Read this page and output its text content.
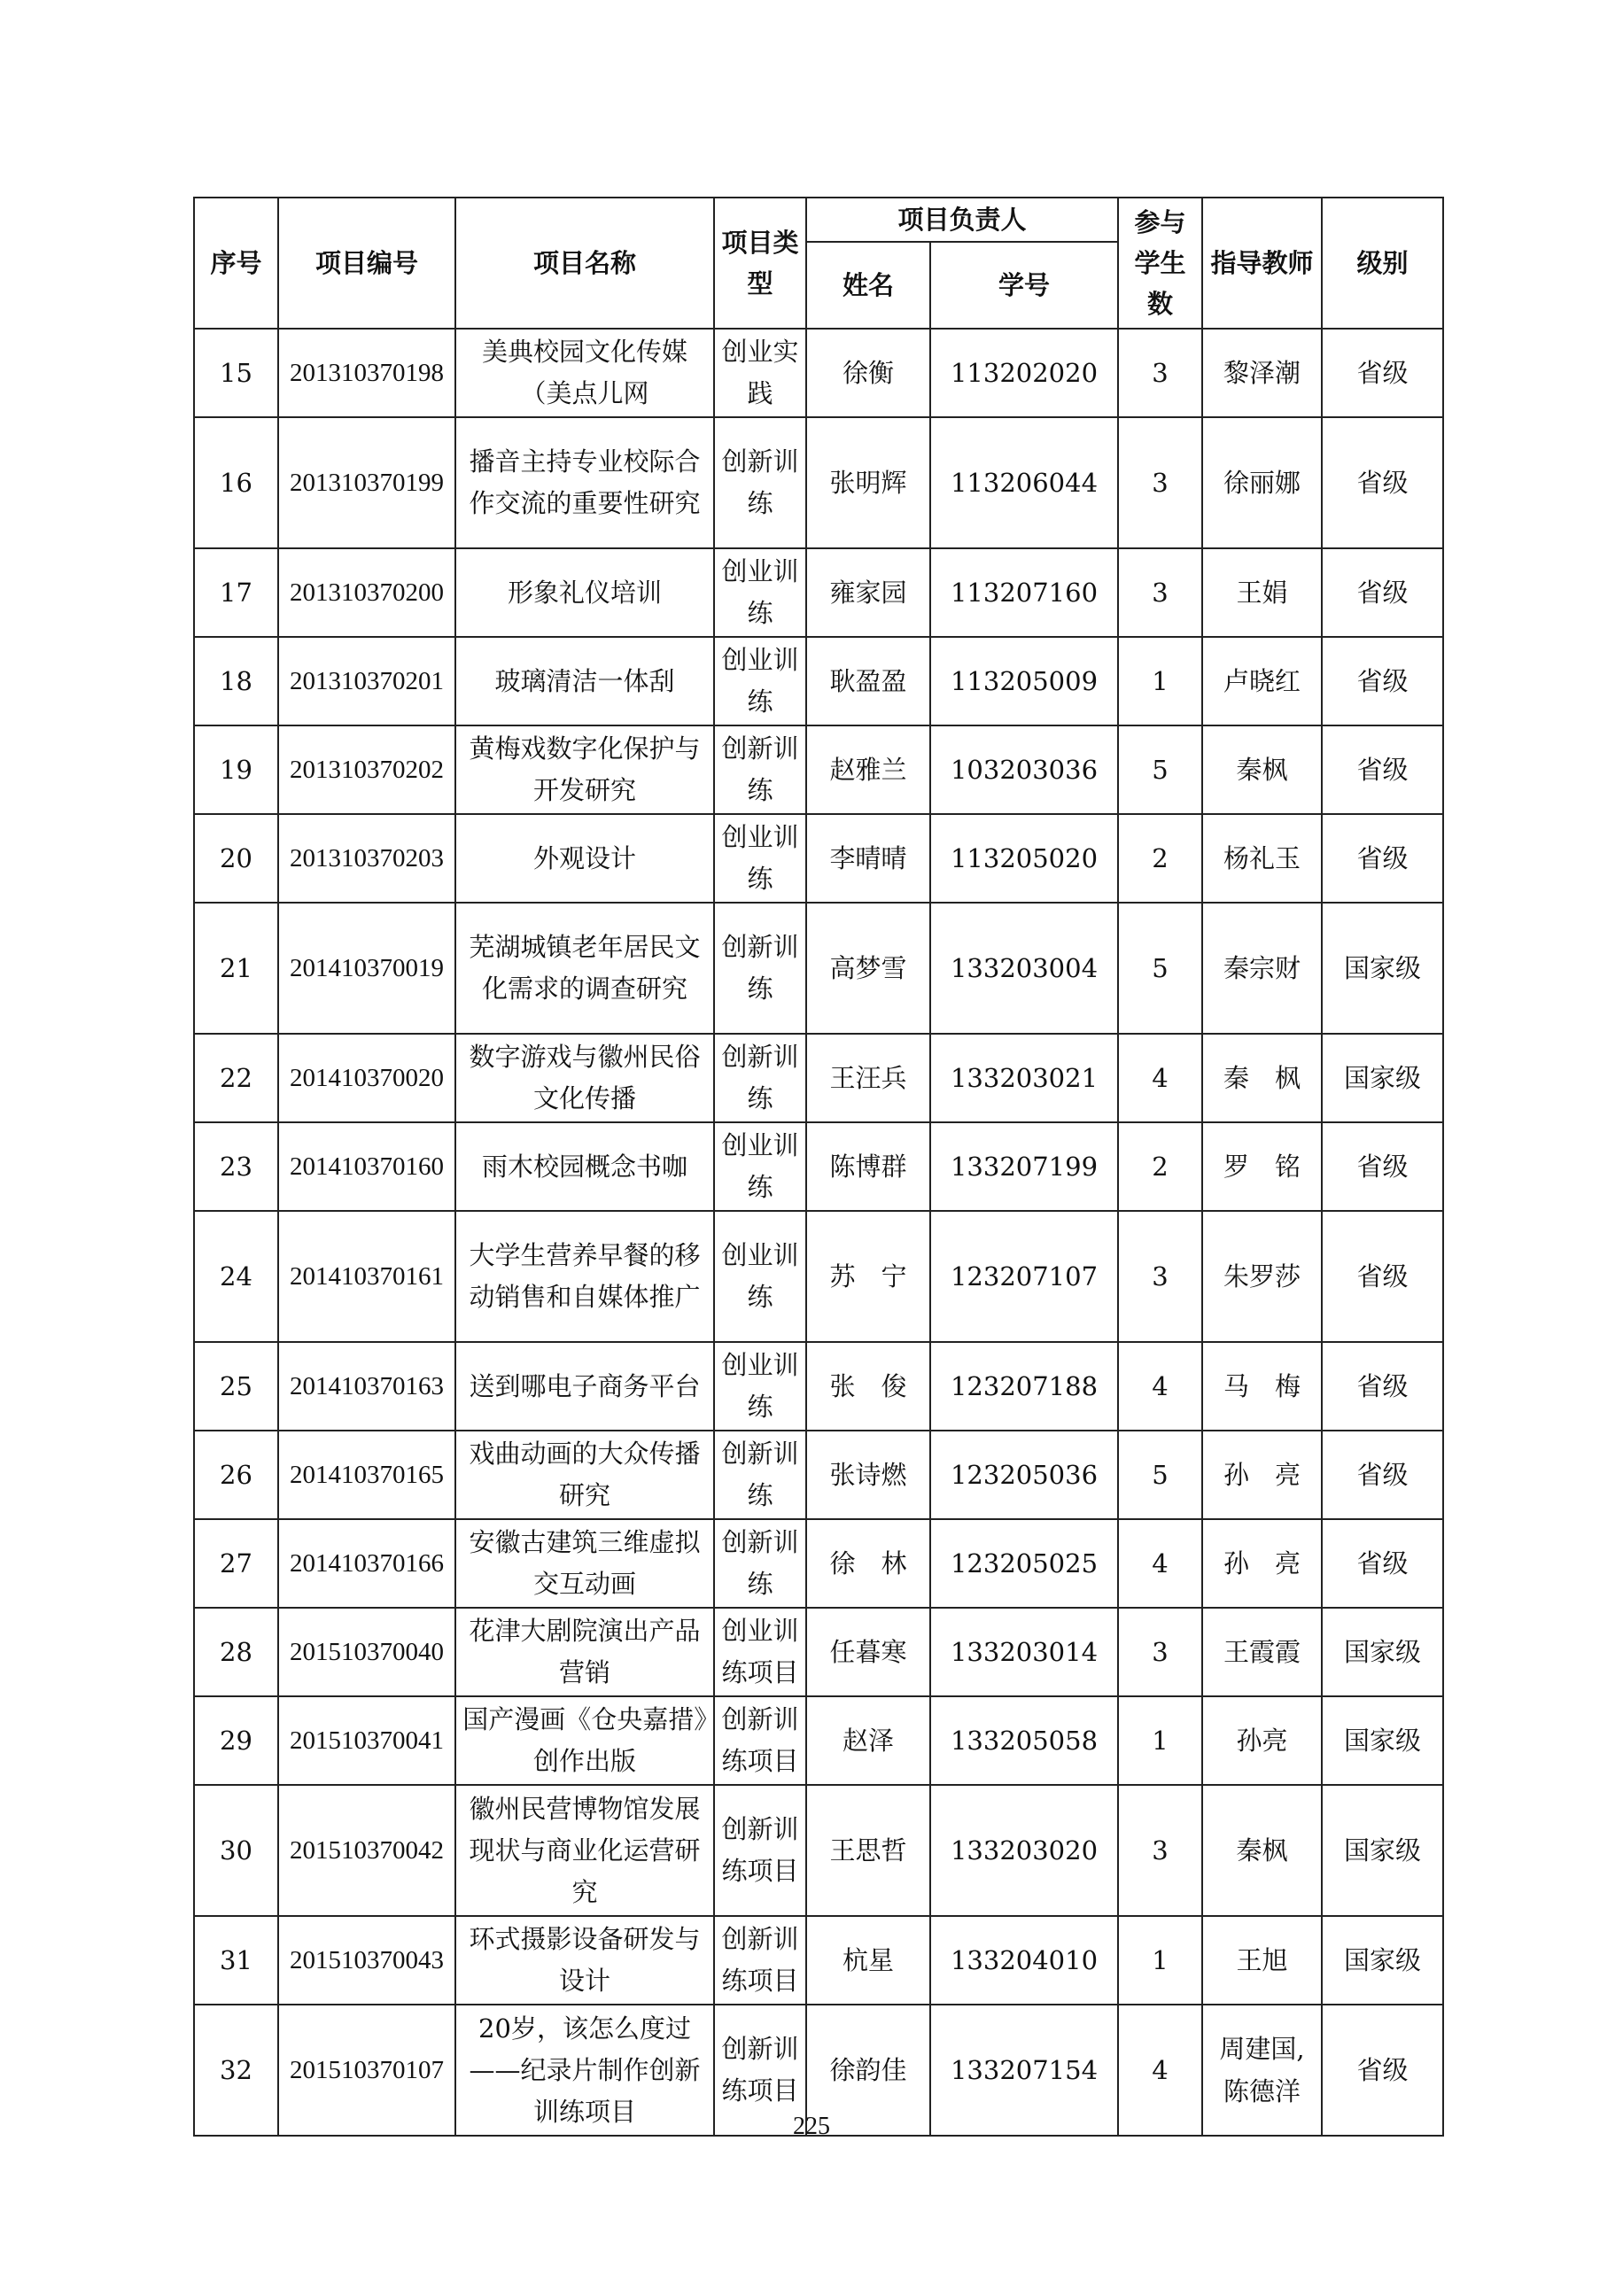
序号	项目编号	项目名称	项目类型	项目负责人		参与学生数	指导教师	级别
				姓名	学号			
15	201310370198	美典校园文化传媒（美点儿网	创业实践	徐衡	113202020	3	黎泽潮	省级
16	201310370199	播音主持专业校际合作交流的重要性研究	创新训练	张明辉	113206044	3	徐丽娜	省级
17	201310370200	形象礼仪培训	创业训练	雍家园	113207160	3	王娟	省级
18	201310370201	玻璃清洁一体刮	创业训练	耿盈盈	113205009	1	卢晓红	省级
19	201310370202	黄梅戏数字化保护与开发研究	创新训练	赵雅兰	103203036	5	秦枫	省级
20	201310370203	外观设计	创业训练	李晴晴	113205020	2	杨礼玉	省级
21	201410370019	芜湖城镇老年居民文化需求的调查研究	创新训练	高梦雪	133203004	5	秦宗财	国家级
22	201410370020	数字游戏与徽州民俗文化传播	创新训练	王汪兵	133203021	4	秦　枫	国家级
23	201410370160	雨木校园概念书咖	创业训练	陈博群	133207199	2	罗　铭	省级
24	201410370161	大学生营养早餐的移动销售和自媒体推广	创业训练	苏　宁	123207107	3	朱罗莎	省级
25	201410370163	送到哪电子商务平台	创业训练	张　俊	123207188	4	马　梅	省级
26	201410370165	戏曲动画的大众传播研究	创新训练	张诗燃	123205036	5	孙　亮	省级
27	201410370166	安徽古建筑三维虚拟交互动画	创新训练	徐　林	123205025	4	孙　亮	省级
28	201510370040	花津大剧院演出产品营销	创业训练项目	任暮寒	133203014	3	王霞霞	国家级
29	201510370041	国产漫画《仓央嘉措》创作出版	创新训练项目	赵泽	133205058	1	孙亮	国家级
30	201510370042	徽州民营博物馆发展现状与商业化运营研究	创新训练项目	王思哲	133203020	3	秦枫	国家级
31	201510370043	环式摄影设备研发与设计	创新训练项目	杭星	133204010	1	王旭	国家级
32	201510370107	20岁，该怎么度过——纪录片制作创新训练项目	创新训练项目	徐韵佳	133207154	4	周建国,陈德洋	省级
225
